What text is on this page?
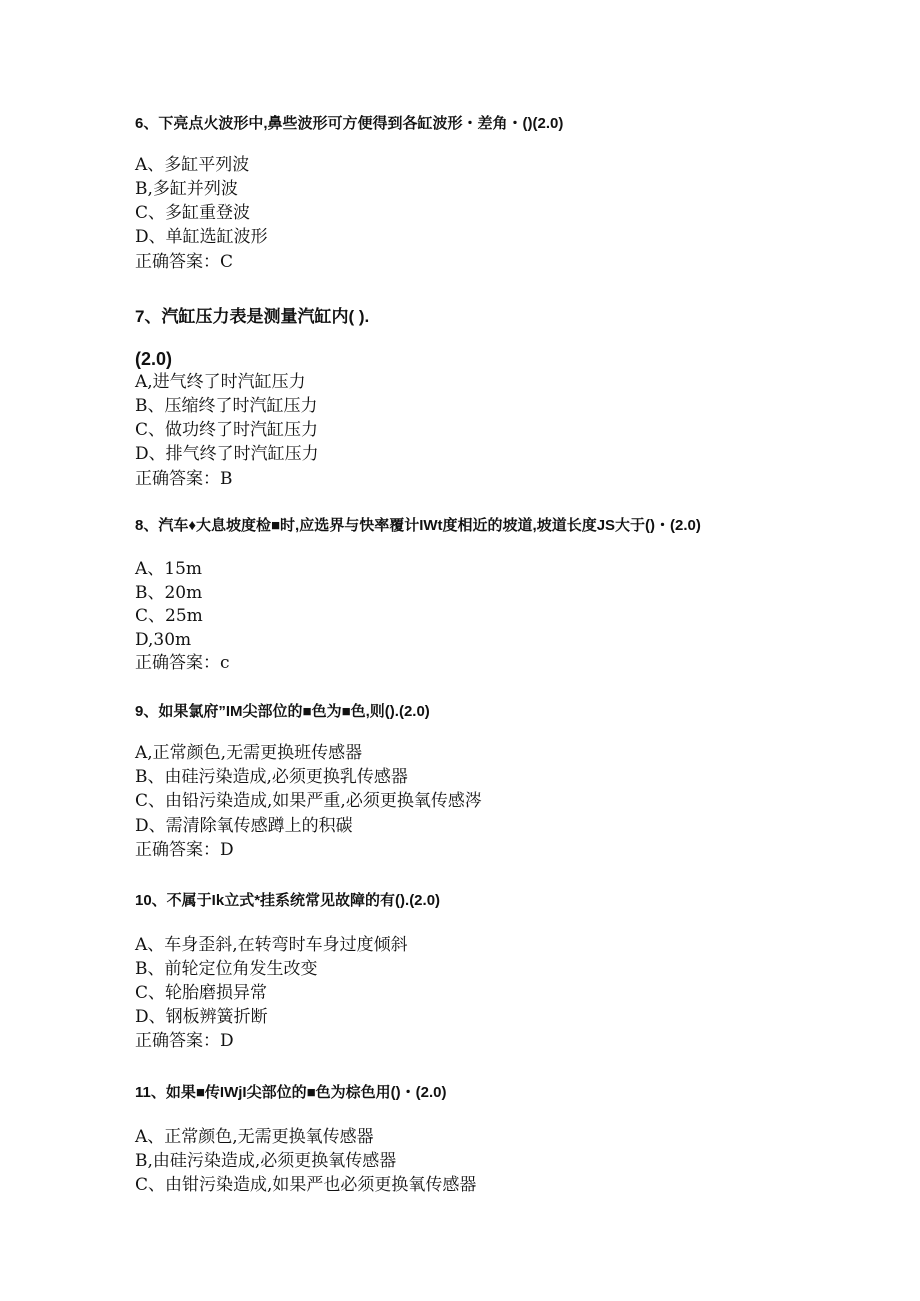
6、下亮点火波形中,鼻些波形可方便得到各缸波形・差角・()(2.0)
A、多缸平列波
B,多缸并列波
C、多缸重登波
D、单缸选缸波形
正确答案：C
7、汽缸压力表是测量汽缸内( ).
(2.0)
A,进气终了时汽缸压力
B、压缩终了时汽缸压力
C、做功终了时汽缸压力
D、排气终了时汽缸压力
正确答案：B
8、汽车♦大息坡度检■时,应选界与快率覆计IWt度相近的坡道,坡道长度JS大于()・(2.0)
A、15m
B、20m
C、25m
D,30m
正确答案：c
9、如果氯府”IM尖部位的■色为■色,则().(2.0)
A,正常颜色,无需更换班传感器
B、由硅污染造成,必须更换乳传感器
C、由铅污染造成,如果严重,必须更换氧传感涔
D、需清除氧传感蹲上的积碳
正确答案：D
10、不属于Ik立式*挂系统常见故障的有().(2.0)
A、车身歪斜,在转弯时车身过度倾斜
B、前轮定位角发生改变
C、轮胎磨损异常
D、钢板辨簧折断
正确答案：D
11、如果■传IWjI尖部位的■色为棕色用()・(2.0)
A、正常颜色,无需更换氧传感器
B,由硅污染造成,必须更换氧传感器
C、由钳污染造成,如果严也必须更换氧传感器
